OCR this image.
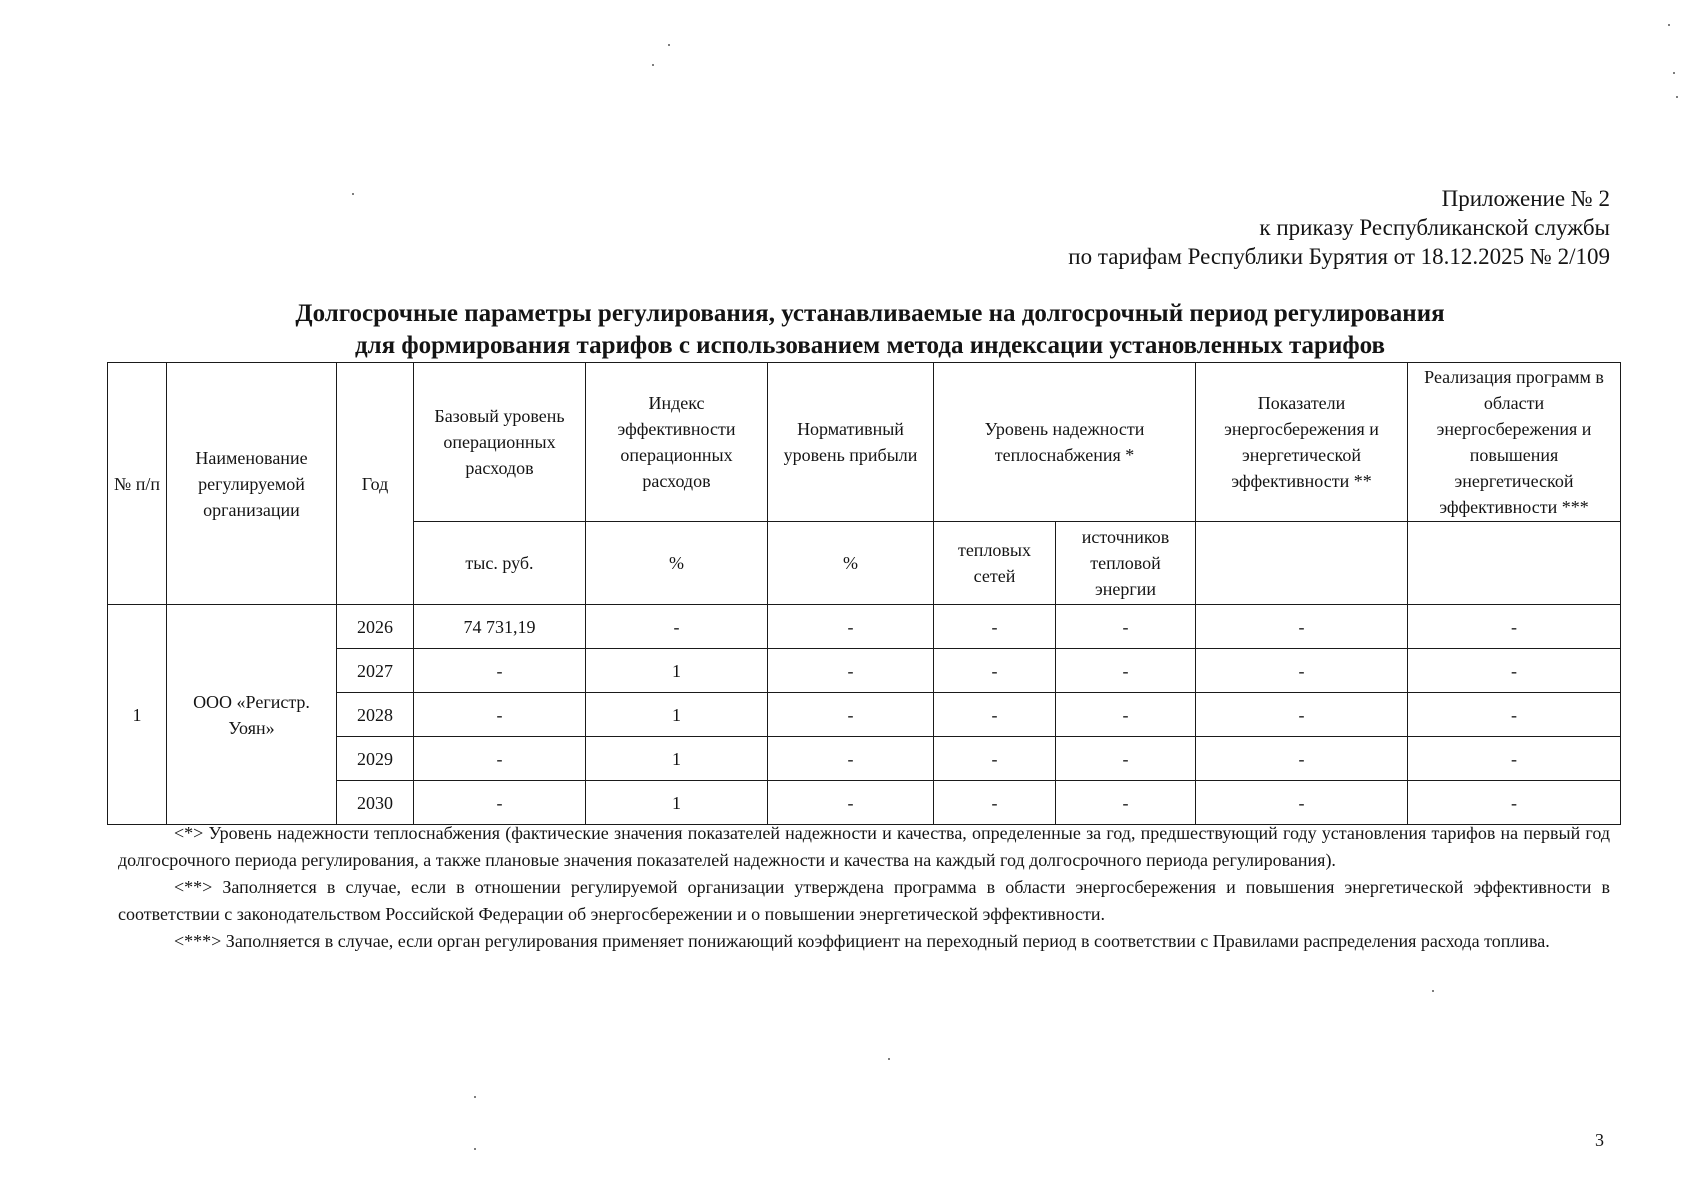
Приложение № 2
к приказу Республиканской службы
по тарифам Республики Бурятия от 18.12.2025 № 2/109
Долгосрочные параметры регулирования, устанавливаемые на долгосрочный период регулирования
для формирования тарифов с использованием метода индексации установленных тарифов
№ п/п	Наименование регулируемой организации	Год	Базовый уровень операционных расходов	Индекс эффективности операционных расходов	Нормативный уровень прибыли	Уровень надежности теплоснабжения *		Показатели энергосбережения и энергетической эффективности **	Реализация программ в области энергосбережения и повышения энергетической эффективности ***
			тыс. руб.	%	%	тепловых сетей	источников тепловой энергии		
1	ООО «Регистр. Уоян»	2026	74 731,19	-	-	-	-	-	-
		2027	-	1	-	-	-	-	-
		2028	-	1	-	-	-	-	-
		2029	-	1	-	-	-	-	-
		2030	-	1	-	-	-	-	-

<*> Уровень надежности теплоснабжения (фактические значения показателей надежности и качества, определенные за год, предшествующий году установления тарифов на первый год долгосрочного периода регулирования, а также плановые значения показателей надежности и качества на каждый год долгосрочного периода регулирования).

<**> Заполняется в случае, если в отношении регулируемой организации утверждена программа в области энергосбережения и повышения энергетической эффективности в соответствии с законодательством Российской Федерации об энергосбережении и о повышении энергетической эффективности.

<***> Заполняется в случае, если орган регулирования применяет понижающий коэффициент на переходный период в соответствии с Правилами распределения расхода топлива.

3
